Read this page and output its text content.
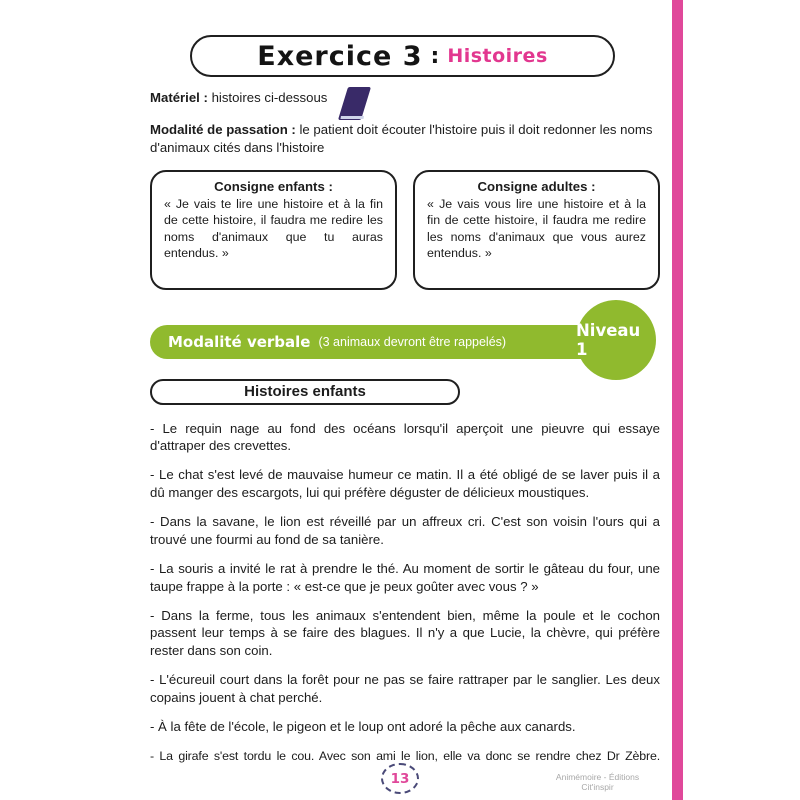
Exercice 3 : Histoires

Matériel : histoires ci-dessous

Modalité de passation : le patient doit écouter l'histoire puis il doit redonner les noms d'animaux cités dans l'histoire

Consigne enfants :
« Je vais te lire une histoire et à la fin de cette histoire, il faudra me redire les noms d'animaux que tu auras entendus. »
Consigne adultes :
« Je vais vous lire une histoire et à la fin de cette histoire, il faudra me redire les noms d'animaux que vous aurez entendus. »
Modalité verbale (3 animaux devront être rappelés)
Niveau 1
Histoires enfants

- Le requin nage au fond des océans lorsqu'il aperçoit une pieuvre qui essaye d'attraper des crevettes.

- Le chat s'est levé de mauvaise humeur ce matin. Il a été obligé de se laver puis il a dû manger des escargots, lui qui préfère déguster de délicieux moustiques.

- Dans la savane, le lion est réveillé par un affreux cri. C'est son voisin l'ours qui a trouvé une fourmi au fond de sa tanière.

- La souris a invité le rat à prendre le thé. Au moment de sortir le gâteau du four, une taupe frappe à la porte : « est-ce que je peux goûter avec vous ? »

- Dans la ferme, tous les animaux s'entendent bien, même la poule et le cochon passent leur temps à se faire des blagues. Il n'y a que Lucie, la chèvre, qui préfère rester dans son coin.

- L'écureuil court dans la forêt pour ne pas se faire rattraper par le sanglier. Les deux copains jouent à chat perché.

- À la fête de l'école, le pigeon et le loup ont adoré la pêche aux canards.

- La girafe s'est tordu le cou. Avec son ami le lion, elle va donc se rendre chez Dr Zèbre.

13	Animémoire - Éditions Cit'inspir
